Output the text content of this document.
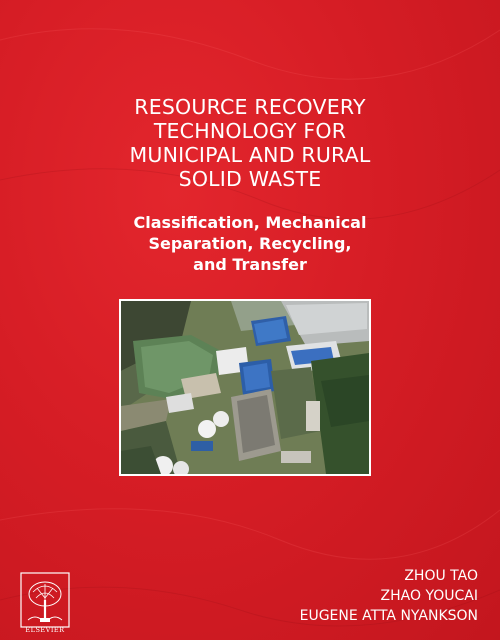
RESOURCE RECOVERY
TECHNOLOGY FOR
MUNICIPAL AND RURAL
SOLID WASTE
Classification, Mechanical
Separation, Recycling,
and Transfer
ZHOU TAO
ZHAO YOUCAI
EUGENE ATTA NYANKSON
ELSEVIER
